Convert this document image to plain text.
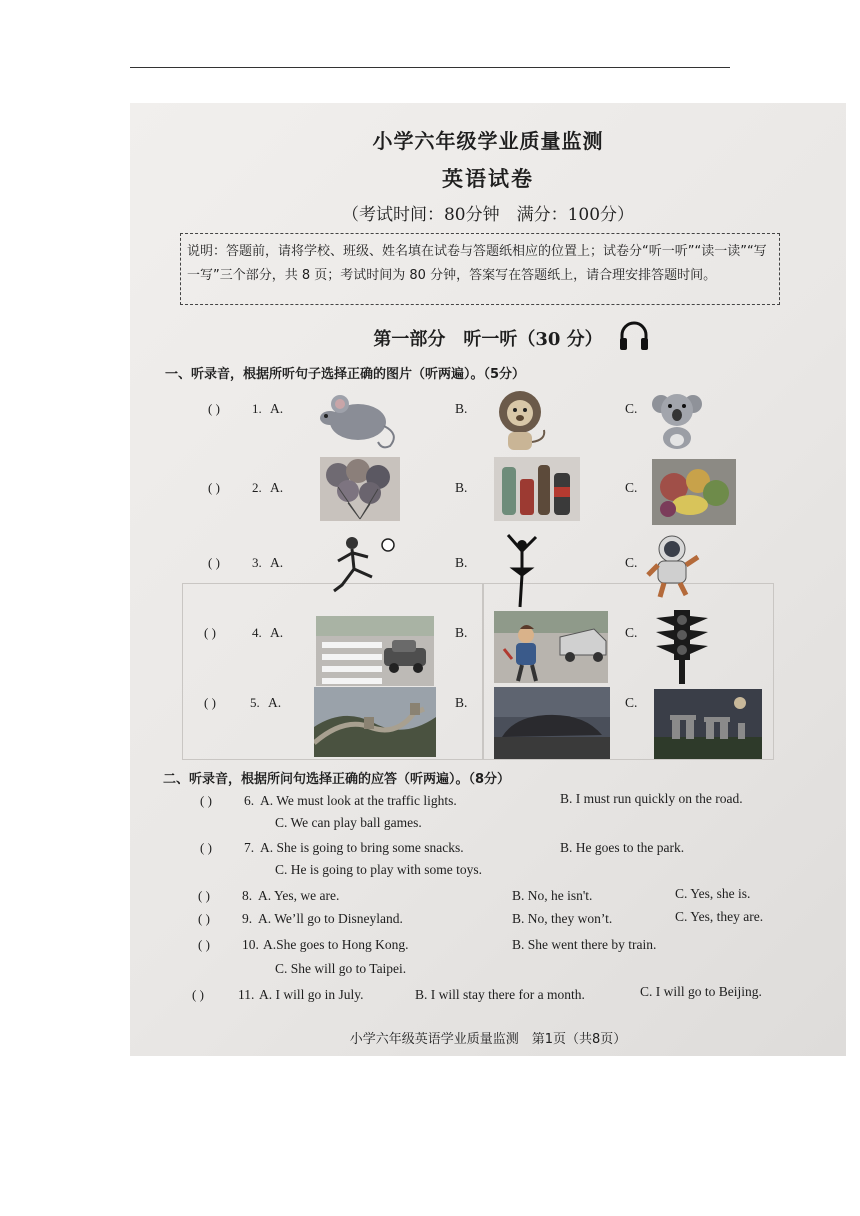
小学六年级学业质量监测
英语试卷
（考试时间：80分钟　满分：100分）
说明：答题前，请将学校、班级、姓名填在试卷与答题纸相应的位置上；试卷分“听一听”“读一读”“写一写”三个部分，共 8 页；考试时间为 80 分钟，答案写在答题纸上，请合理安排答题时间。
第一部分　听一听（30 分）
一、听录音，根据所听句子选择正确的图片（听两遍）。（5分）
( ) 1. A.	B.	C.
( ) 2. A.	B.	C.
( ) 3. A.	B.	C.
( )	4. A.	B.	C.
( )	5. A.	B.	C.
二、听录音，根据所问句选择正确的应答（听两遍）。（8分）
( ) 6. A. We must look at the traffic lights.	B. I must run quickly on the road.
C. We can play ball games.
( ) 7. A. She is going to bring some snacks.	B. He goes to the park.
C. He is going to play with some toys.
( ) 8. A. Yes, we are.	B. No, he isn't.	C. Yes, she is.
( ) 9. A. We’ll go to Disneyland.	B. No, they won’t.	C. Yes, they are.
( ) 10. A.She goes to Hong Kong.	B. She went there by train.
C. She will go to Taipei.
( )	11. A. I will go in July.	B. I will stay there for a month.	C. I will go to Beijing.
小学六年级英语学业质量监测　第1页（共8页）
